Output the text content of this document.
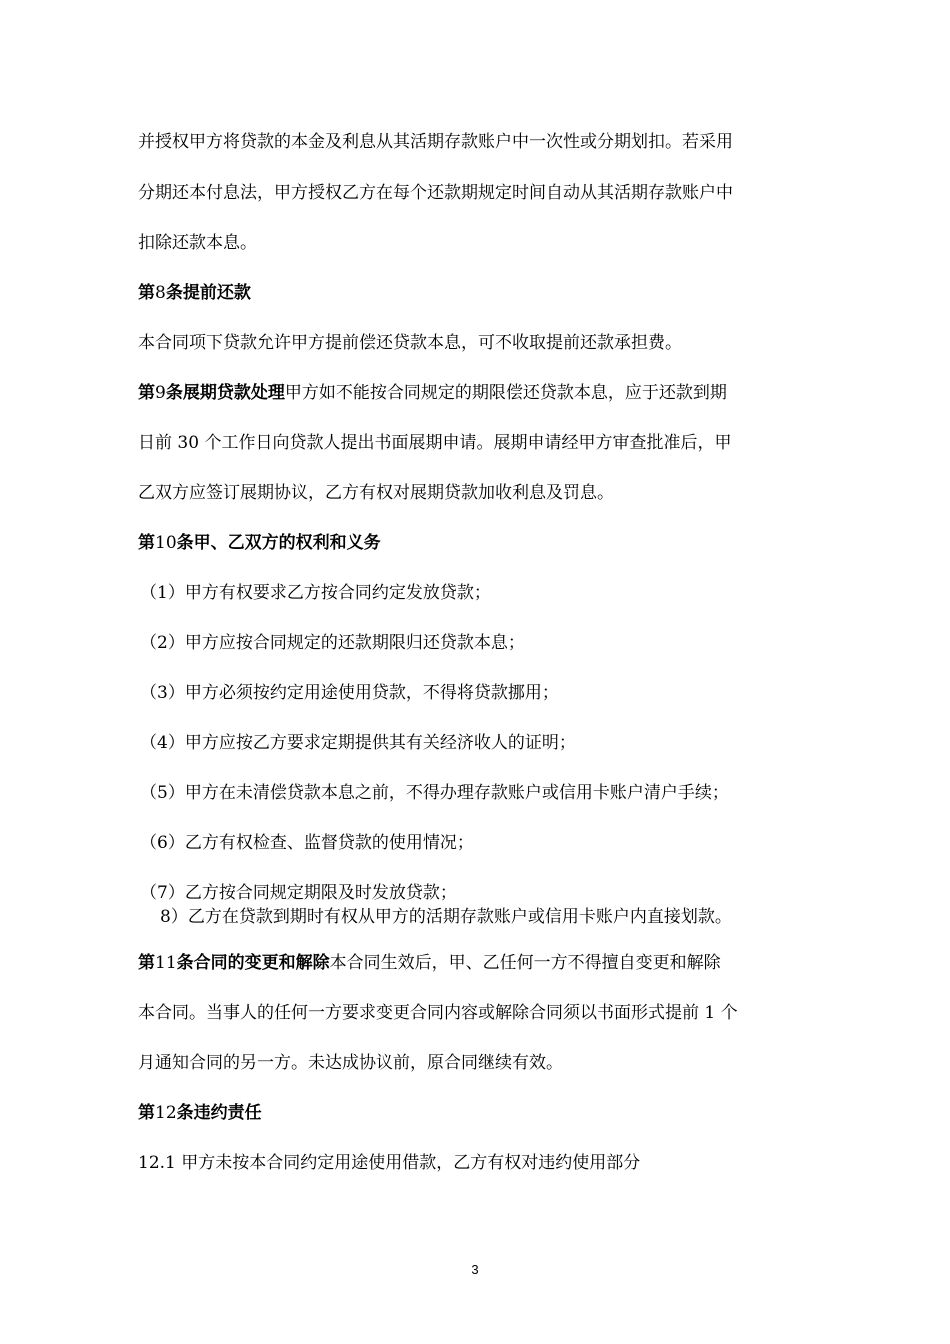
并授权甲方将贷款的本金及利息从其活期存款账户中一次性或分期划扣。若采用
分期还本付息法，甲方授权乙方在每个还款期规定时间自动从其活期存款账户中
扣除还款本息。
第8条提前还款
本合同项下贷款允许甲方提前偿还贷款本息，可不收取提前还款承担费。
第9条展期贷款处理甲方如不能按合同规定的期限偿还贷款本息，应于还款到期
日前 30 个工作日向贷款人提出书面展期申请。展期申请经甲方审查批准后，甲
乙双方应签订展期协议，乙方有权对展期贷款加收利息及罚息。
第10条甲、乙双方的权利和义务
（1）甲方有权要求乙方按合同约定发放贷款；
（2）甲方应按合同规定的还款期限归还贷款本息；
（3）甲方必须按约定用途使用贷款，不得将贷款挪用；
（4）甲方应按乙方要求定期提供其有关经济收人的证明；
（5）甲方在未清偿贷款本息之前，不得办理存款账户或信用卡账户清户手续；
（6）乙方有权检查、监督贷款的使用情况；
（7）乙方按合同规定期限及时发放贷款；
8）乙方在贷款到期时有权从甲方的活期存款账户或信用卡账户内直接划款。
第11条合同的变更和解除本合同生效后，甲、乙任何一方不得擅自变更和解除
本合同。当事人的任何一方要求变更合同内容或解除合同须以书面形式提前 1 个
月通知合同的另一方。未达成协议前，原合同继续有效。
第12条违约责任
12.1 甲方未按本合同约定用途使用借款，乙方有权对违约使用部分
3
